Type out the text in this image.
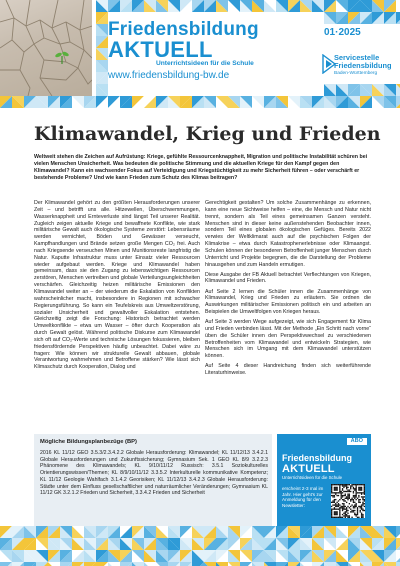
Friedensbildung
AKTUELL
Unterrichtsideen für die Schule
www.friedensbildung-bw.de
01·2025
Servicestelle
Friedensbildung
Baden-Württemberg
Klimawandel, Krieg und Frieden
Weltweit stehen die Zeichen auf Aufrüstung: Kriege, gefühlte Ressourcenknappheit, Migration und politische Instabilität schüren bei vielen Menschen Unsicherheit. Was bedeuten die politische Stimmung und die aktuellen Kriege für den Kampf gegen den Klimawandel? Kann ein wachsender Fokus auf Verteidigung und Kriegstüchtigkeit zu mehr Sicherheit führen – oder verschärft er bestehende Probleme? Und wie kann Frieden zum Schutz des Klimas beitragen?

Der Klimawandel gehört zu den größten Herausforderungen unserer Zeit – und betrifft uns alle. Hitzewellen, Überschwemmungen, Wasserknappheit und Ernteverluste sind längst Teil unserer Realität. Zugleich zeigen aktuelle Kriege und bewaffnete Konflikte, wie stark militärische Gewalt auch ökologische Systeme zerstört: Lebensräume werden vernichtet, Böden und Gewässer verseucht, Kampfhandlungen und Brände setzen große Mengen CO₂ frei. Auch nach Kriegsende verseuchen Minen und Munitionsreste langfristig die Natur. Kaputte Infrastruktur muss unter Einsatz vieler Ressourcen wieder aufgebaut werden. Kriege und Klimawandel haben gemeinsam, dass sie den Zugang zu lebenswichtigen Ressourcen zerstören, Menschen vertreiben und globale Verteilungsungleichheiten verschärfen. Gleichzeitig heizen militärische Emissionen den Klimawandel weiter an – der wiederum die Eskalation von Konflikten wahrscheinlicher macht, insbesondere in Regionen mit schwacher Regierungsführung. So kann ein Teufelskreis aus Umweltzerstörung, sozialer Unsicherheit und gewaltvoller Eskalation entstehen. Gleichzeitig zeigt die Forschung: Historisch betrachtet werden Umweltkonflikte – etwa um Wasser – öfter durch Kooperation als durch Gewalt gelöst. Während politische Diskurse zum Klimawandel sich oft auf CO₂-Werte und technische Lösungen fokussieren, bleiben friedensfördernde Perspektiven häufig unbeachtet. Dabei wäre zu fragen: Wie können wir strukturelle Gewalt abbauen, globale Verantwortung wahrnehmen und Betroffene stärken? Wie lässt sich Klimaschutz durch Kooperation, Dialog und

Gerechtigkeit gestalten? Um solche Zusammenhänge zu erkennen, kann eine neue Sichtweise helfen – eine, die Mensch und Natur nicht trennt, sondern als Teil eines gemeinsamen Ganzen versteht. Menschen sind in dieser keine außenstehenden Beobachter innen, sondern Teil eines globalen ökologischen Gefüges. Bereits 2022 verwies der Weltklimarat auch auf die psychischen Folgen der Klimakrise – etwa durch Katastrophenerlebnisse oder Klimaangst. Schulen können der besonderen Betroffenheit junger Menschen durch Unterricht und Projekte begegnen, die die Darstellung der Probleme hinausgehen und zum Handeln ermutigen.

Diese Ausgabe der FB Aktuell betrachtet Verflechtungen von Kriegen, Klimawandel und Frieden.

Auf Seite 2 lernen die Schüler innen die Zusammenhänge von Klimawandel, Krieg und Frieden zu erläutern. Sie ordnen die Auswirkungen militärischer Emissionen politisch ein und arbeiten an Beispielen die Umweltfolgen von Kriegen heraus.

Auf Seite 3 werden Wege aufgezeigt, wie sich Engagement für Klima und Frieden verbinden lässt. Mit der Methode „Ein Schritt nach vorne“ üben die Schüler innen den Perspektivwechsel zu verschiedenen Betroffenheiten vom Klimawandel und entwickeln Strategien, wie Menschen sich im Umgang mit dem Klimawandel unterstützen können.

Auf Seite 4 dieser Handreichung finden sich weiterführende Literaturhinweise.

Mögliche Bildungsplanbezüge (BP)
2016 KL 11/12 GEO 3.5.3/2.3.4.2.2 Globale Herausforderung: Klimawandel; KL 11/12/13 3.4.2.1 Globale Herausforderungen und Zukunftssicherung; Gymnasium Sek. 1 GEO KL 8/9 3.2.2.3 Phänomene des Klimawandels; KL 9/10/11/12 Russisch: 3.5.1 Soziokulturelles Orientierungswissen/Themen; KL 8/9/10/11/12 3.3.5.2 Interkulturelle kommunikative Kompetenz; KL 11/12 Geologie Wahlfach 3.1.4.2 Georisiken; KL 11/12/13 3.4.2.3 Globale Herausforderung: Städte unter dem Einfluss gesellschaftlicher und naturräumlicher Veränderungen; Gymnasium KL 11/12 GK 3.2.1.2 Frieden und Sicherheit, 3.3.4.2 Frieden und Sicherheit
ABO
Friedensbildung
AKTUELL
Unterrichtsideen für die Schule
erscheint 2-3 mal im Jahr. Hier geht's zur Anmeldung für den Newsletter:
